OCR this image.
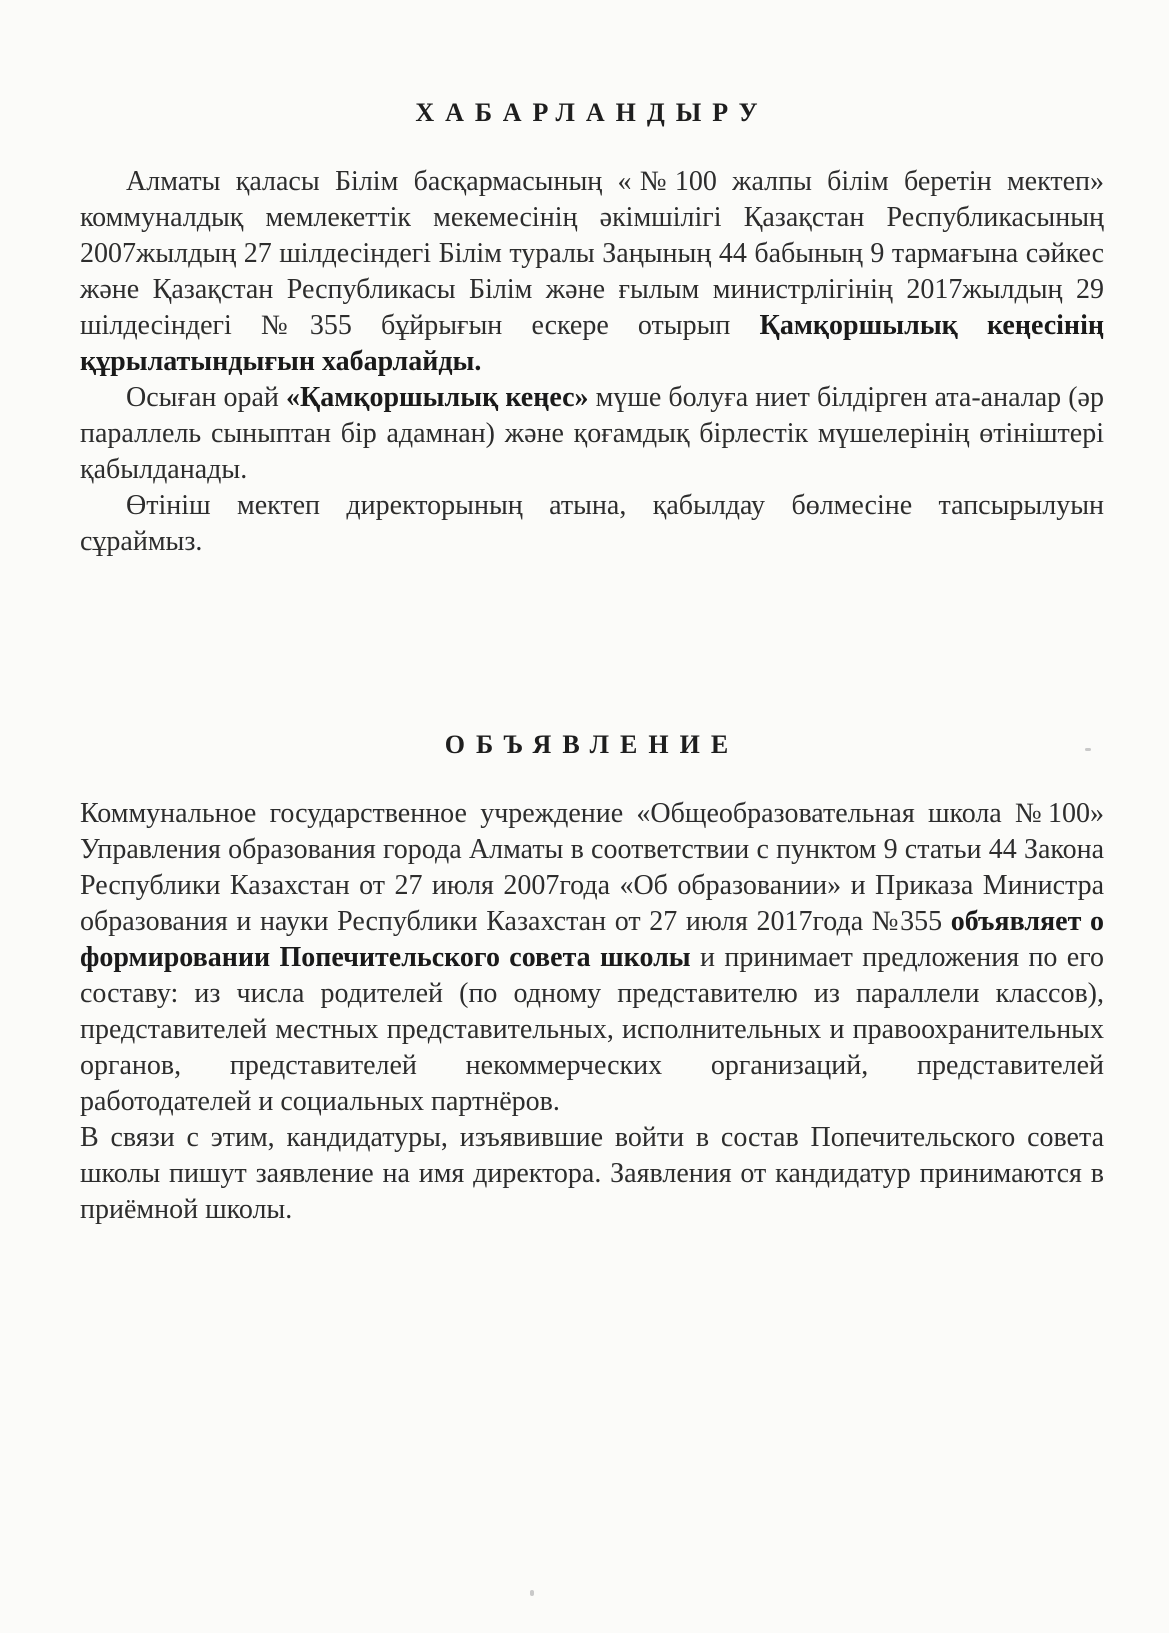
ХАБАРЛАНДЫРУ

Алматы қаласы Білім басқармасының «№100 жалпы білім беретін мектеп» коммуналдық мемлекеттік мекемесінің әкімшілігі Қазақстан Республикасының 2007жылдың 27 шілдесіндегі Білім туралы Заңының 44 бабының 9 тармағына сәйкес және Қазақстан Республикасы Білім және ғылым министрлігінің 2017жылдың 29 шілдесіндегі №355 бұйрығын ескере отырып Қамқоршылық кеңесінің құрылатындығын хабарлайды.

Осыған орай «Қамқоршылық кеңес» мүше болуға ниет білдірген ата-аналар (әр параллель сыныптан бір адамнан) және қоғамдық бірлестік мүшелерінің өтініштері қабылданады.

Өтініш мектеп директорының атына, қабылдау бөлмесіне тапсырылуын сұраймыз.

ОБЪЯВЛЕНИЕ

Коммунальное государственное учреждение «Общеобразовательная школа №100» Управления образования города Алматы в соответствии с пунктом 9 статьи 44 Закона Республики Казахстан от 27 июля 2007года «Об образовании» и Приказа Министра образования и науки Республики Казахстан от 27 июля 2017года №355 объявляет о формировании Попечительского совета школы и принимает предложения по его составу: из числа родителей (по одному представителю из параллели классов), представителей местных представительных, исполнительных и правоохранительных органов, представителей некоммерческих организаций, представителей работодателей и социальных партнёров.

В связи с этим, кандидатуры, изъявившие войти в состав Попечительского совета школы пишут заявление на имя директора. Заявления от кандидатур принимаются в приёмной школы.
